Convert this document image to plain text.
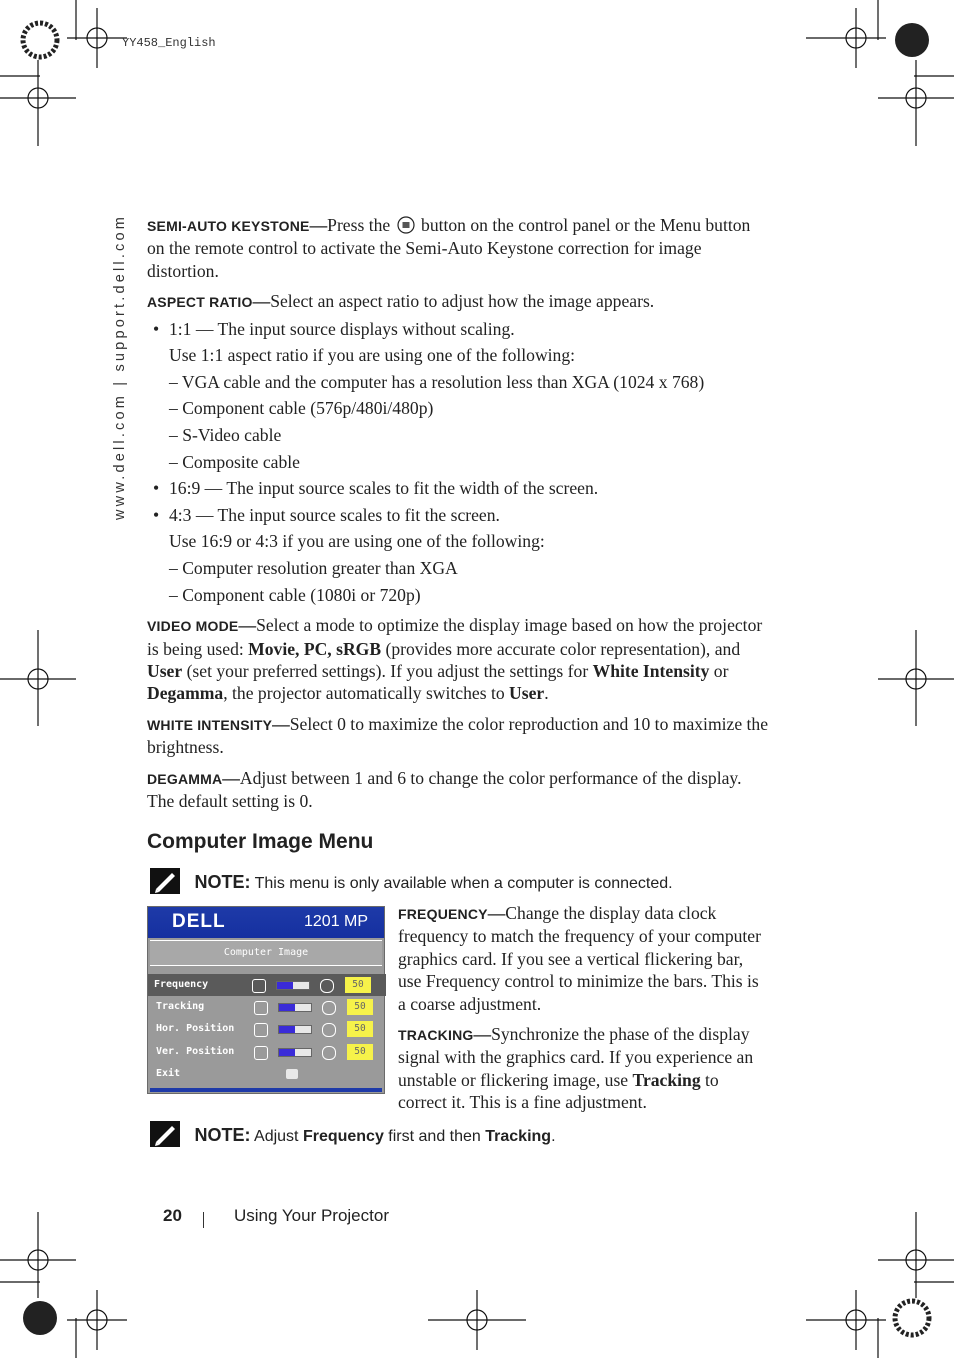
YY458_English
www.dell.com | support.dell.com SEMI-AUTO KEYSTONE—Press the button on the control panel or the Menu button on the remote control to activate the Semi-Auto Keystone correction for image distortion.

ASPECT RATIO—Select an aspect ratio to adjust how the image appears.

• 1:1 — The input source displays without scaling.
Use 1:1 aspect ratio if you are using one of the following:
– VGA cable and the computer has a resolution less than XGA (1024 x 768)
– Component cable (576p/480i/480p)
– S-Video cable
– Composite cable
• 16:9 — The input source scales to fit the width of the screen.
• 4:3 — The input source scales to fit the screen.
Use 16:9 or 4:3 if you are using one of the following:
– Computer resolution greater than XGA
– Component cable (1080i or 720p)

VIDEO MODE—Select a mode to optimize the display image based on how the projector is being used: Movie, PC, sRGB (provides more accurate color representation), and User (set your preferred settings). If you adjust the settings for White Intensity or Degamma, the projector automatically switches to User.

WHITE INTENSITY—Select 0 to maximize the color reproduction and 10 to maximize the brightness.

DEGAMMA—Adjust between 1 and 6 to change the color performance of the display. The default setting is 0.

Computer Image Menu
NOTE: This menu is only available when a computer is connected.
DELL	1201 MP
Computer Image
Frequency	50
Tracking	50
Hor. Position	50
Ver. Position	50
Exit

FREQUENCY—Change the display data clock frequency to match the frequency of your computer graphics card. If you see a vertical flickering bar, use Frequency control to minimize the bars. This is a coarse adjustment.

TRACKING—Synchronize the phase of the display signal with the graphics card. If you experience an unstable or flickering image, use Tracking to correct it. This is a fine adjustment.

NOTE: Adjust Frequency first and then Tracking.
20	Using Your Projector
